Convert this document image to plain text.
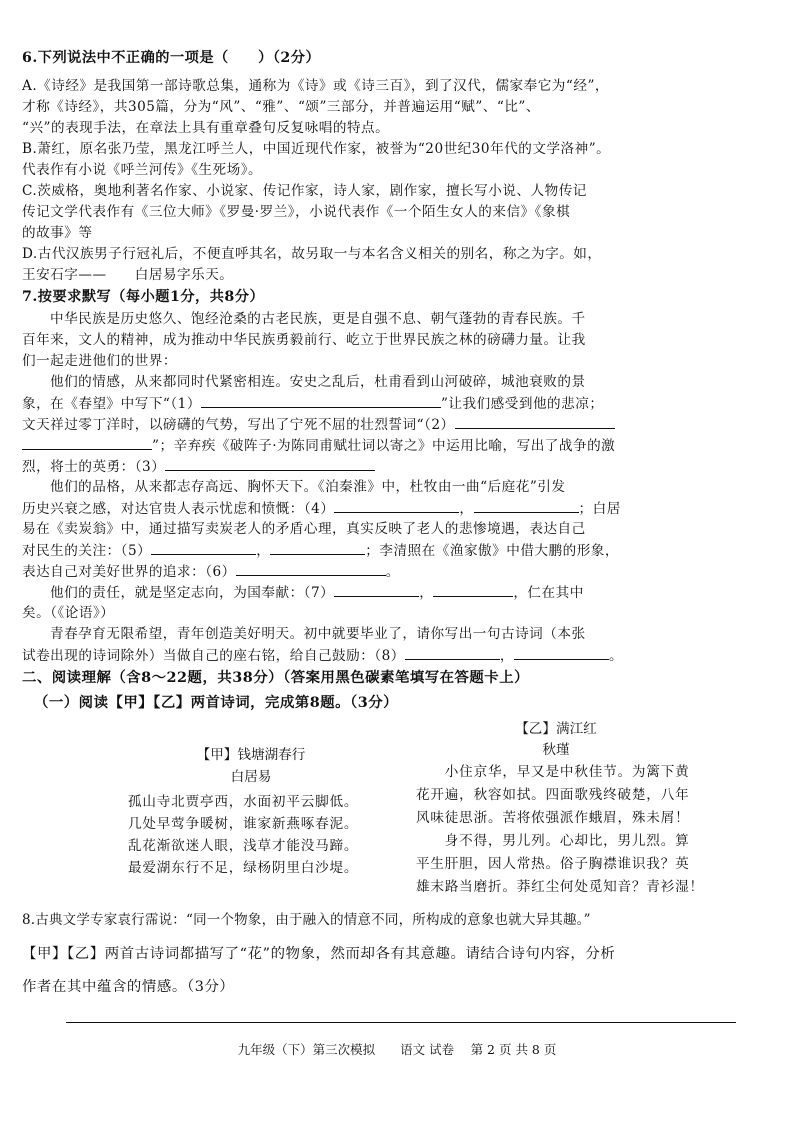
6.下列说法中不正确的一项是（　　）（2分）
A.《诗经》是我国第一部诗歌总集，通称为《诗》或《诗三百》，到了汉代，儒家奉它为“经”，
才称《诗经》，共305篇，分为“风”、“雅”、“颂”三部分，并普遍运用“赋”、“比”、
“兴”的表现手法，在章法上具有重章叠句反复咏唱的特点。
B.萧红，原名张乃莹，黑龙江呼兰人，中国近现代作家，被誉为“20世纪30年代的文学洛神”。
代表作有小说《呼兰河传》《生死场》。
C.茨威格，奥地利著名作家、小说家、传记作家，诗人家，剧作家，擅长写小说、人物传记
传记文学代表作有《三位大师》《罗曼·罗兰》，小说代表作《一个陌生女人的来信》《象棋
的故事》等
D.古代汉族男子行冠礼后，不便直呼其名，故另取一与本名含义相关的别名，称之为字。如，
王安石字——　　白居易字乐天。
7.按要求默写（每小题1分，共8分）
中华民族是历史悠久、饱经沧桑的古老民族，更是自强不息、朝气蓬勃的青春民族。千
百年来，文人的精神，成为推动中华民族勇毅前行、屹立于世界民族之林的磅礴力量。让我
们一起走进他们的世界：
他们的情感，从来都同时代紧密相连。安史之乱后，杜甫看到山河破碎，城池衰败的景
象，在《春望》中写下“（1）	”让我们感受到他的悲凉；
文天祥过零丁洋时，以磅礴的气势，写出了宁死不屈的壮烈誓词“（2）
”；辛弃疾《破阵子·为陈同甫赋壮词以寄之》中运用比喻，写出了战争的激
烈，将士的英勇：（3）
他们的品格，从来都志存高远、胸怀天下。《泊秦淮》中，杜牧由一曲“后庭花”引发
历史兴衰之感，对达官贵人表示忧虑和愤慨：（4）	，	；白居
易在《卖炭翁》中，通过描写卖炭老人的矛盾心理，真实反映了老人的悲惨境遇，表达自己
对民生的关注：（5）	，	；李清照在《渔家傲》中借大鹏的形象，
表达自己对美好世界的追求：（6）	。
他们的责任，就是坚定志向，为国奉献：（7）	，	，仁在其中
矣。（《论语》）
青春孕育无限希望，青年创造美好明天。初中就要毕业了，请你写出一句古诗词（本张
试卷出现的诗词除外）当做自己的座右铭，给自己鼓励：（8）	，	。
二、阅读理解（含8～22题，共38分）（答案用黑色碳素笔填写在答题卡上）
（一）阅读【甲】【乙】两首诗词，完成第8题。（3分）
【甲】钱塘湖春行
白居易
孤山寺北贾亭西，水面初平云脚低。
几处早莺争暖树，谁家新燕啄春泥。
乱花渐欲迷人眼，浅草才能没马蹄。
最爱湖东行不足，绿杨阴里白沙堤。
【乙】满江红
秋瑾
　　小住京华，早又是中秋佳节。为篱下黄
花开遍，秋容如拭。四面歌残终破楚，八年
风味徒思浙。苦将侬强派作蛾眉，殊未屑！
　　身不得，男儿列。心却比，男儿烈。算
平生肝胆，因人常热。俗子胸襟谁识我？英
雄末路当磨折。莽红尘何处觅知音？青衫湿！
8.古典文学专家袁行霈说：“同一个物象，由于融入的情意不同，所构成的意象也就大异其趣。”
【甲】【乙】两首古诗词都描写了“花”的物象，然而却各有其意趣。请结合诗句内容，分析
作者在其中蕴含的情感。（3分）
九年级（下）第三次模拟　　语文 试卷　 第 2 页 共 8 页
